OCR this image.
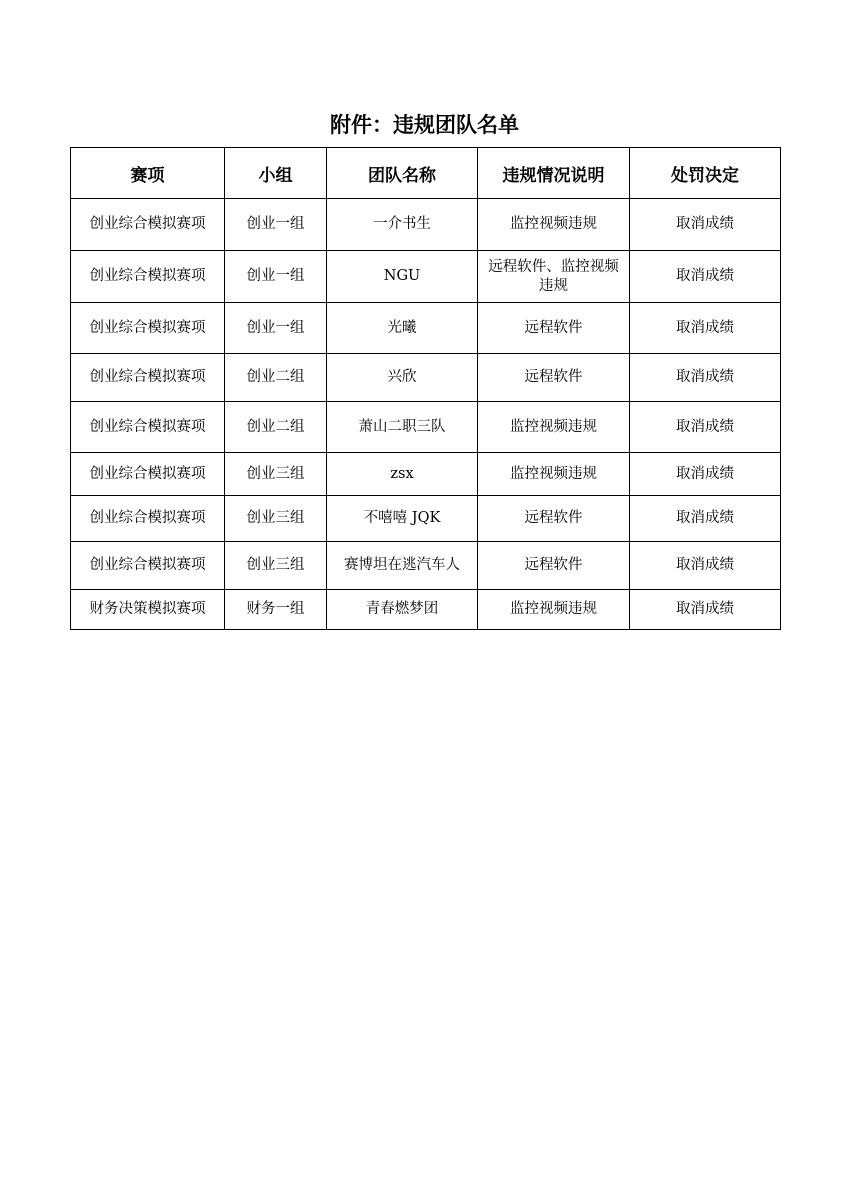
附件：违规团队名单
赛项	小组	团队名称	违规情况说明	处罚决定
创业综合模拟赛项	创业一组	一介书生	监控视频违规	取消成绩
创业综合模拟赛项	创业一组	NGU	远程软件、监控视频违规	取消成绩
创业综合模拟赛项	创业一组	光曦	远程软件	取消成绩
创业综合模拟赛项	创业二组	兴欣	远程软件	取消成绩
创业综合模拟赛项	创业二组	萧山二职三队	监控视频违规	取消成绩
创业综合模拟赛项	创业三组	zsx	监控视频违规	取消成绩
创业综合模拟赛项	创业三组	不嘻嘻 JQK	远程软件	取消成绩
创业综合模拟赛项	创业三组	赛博坦在逃汽车人	远程软件	取消成绩
财务决策模拟赛项	财务一组	青春燃梦团	监控视频违规	取消成绩
